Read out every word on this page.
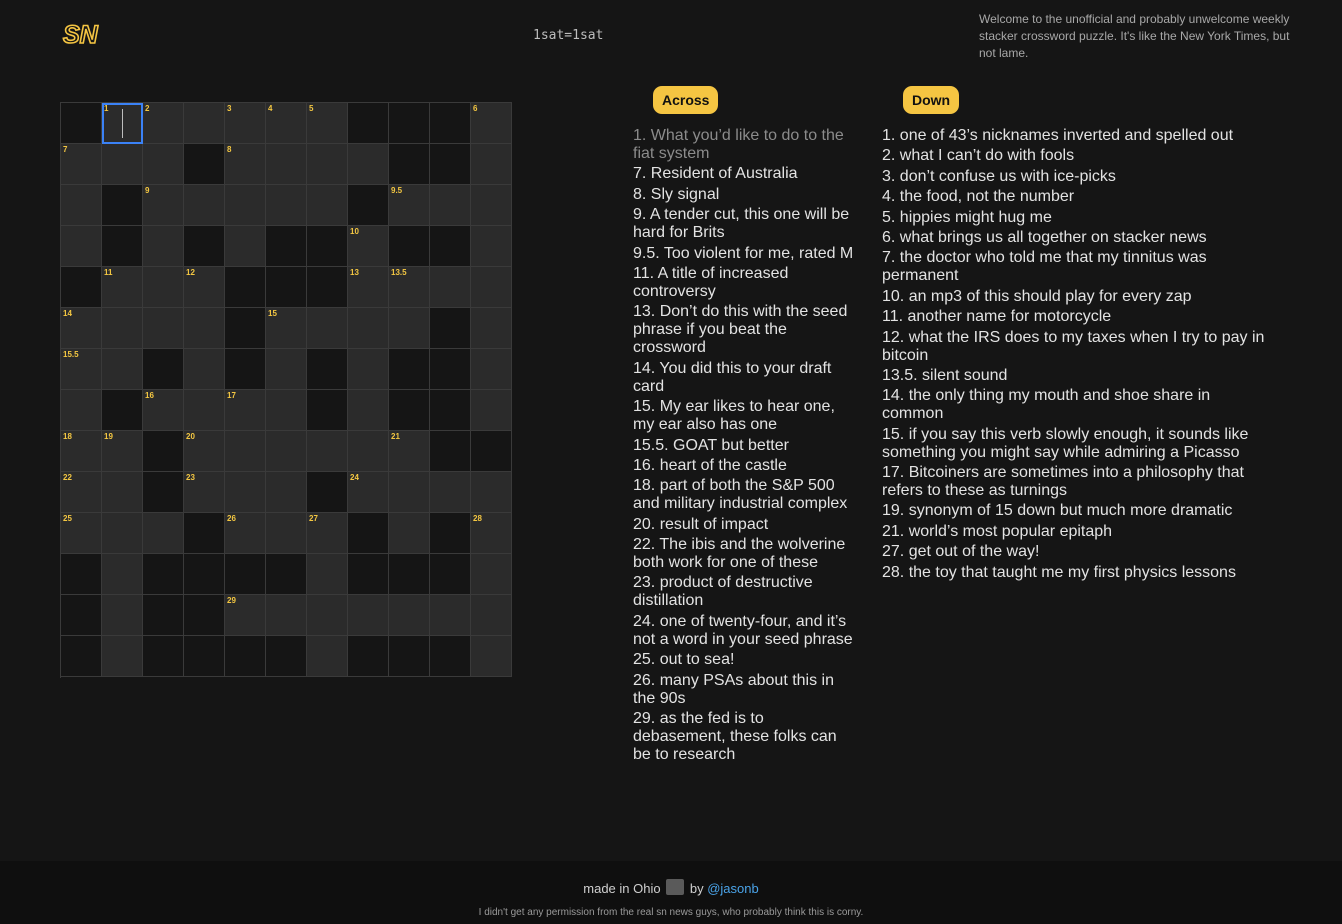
SN	1sat=1sat
Welcome to the unofficial and probably unwelcome weekly stacker crossword puzzle. It's like the New York Times, but not lame.
1	2	3	4	5	6
7	8
9	9.5
10
11	12	13	13.5
14	15
15.5
16	17
18	19	20	21
22	23	24
25	26	27	28
29
Across	Down
1. What you’d like to do to the fiat system
7. Resident of Australia
8. Sly signal
9. A tender cut, this one will be hard for Brits
9.5. Too violent for me, rated M
11. A title of increased controversy
13. Don’t do this with the seed phrase if you beat the crossword
14. You did this to your draft card
15. My ear likes to hear one, my ear also has one
15.5. GOAT but better
16. heart of the castle
18. part of both the S&P 500 and military industrial complex
20. result of impact
22. The ibis and the wolverine both work for one of these
23. product of destructive distillation
24. one of twenty-four, and it’s not a word in your seed phrase
25. out to sea!
26. many PSAs about this in the 90s
29. as the fed is to debasement, these folks can be to research
1. one of 43’s nicknames inverted and spelled out
2. what I can’t do with fools
3. don’t confuse us with ice-picks
4. the food, not the number
5. hippies might hug me
6. what brings us all together on stacker news
7. the doctor who told me that my tinnitus was permanent
10. an mp3 of this should play for every zap
11. another name for motorcycle
12. what the IRS does to my taxes when I try to pay in bitcoin
13.5. silent sound
14. the only thing my mouth and shoe share in common
15. if you say this verb slowly enough, it sounds like something you might say while admiring a Picasso
17. Bitcoiners are sometimes into a philosophy that refers to these as turnings
19. synonym of 15 down but much more dramatic
21. world’s most popular epitaph
27. get out of the way!
28. the toy that taught me my first physics lessons
made in Ohio by @jasonb
I didn't get any permission from the real sn news guys, who probably think this is corny.
